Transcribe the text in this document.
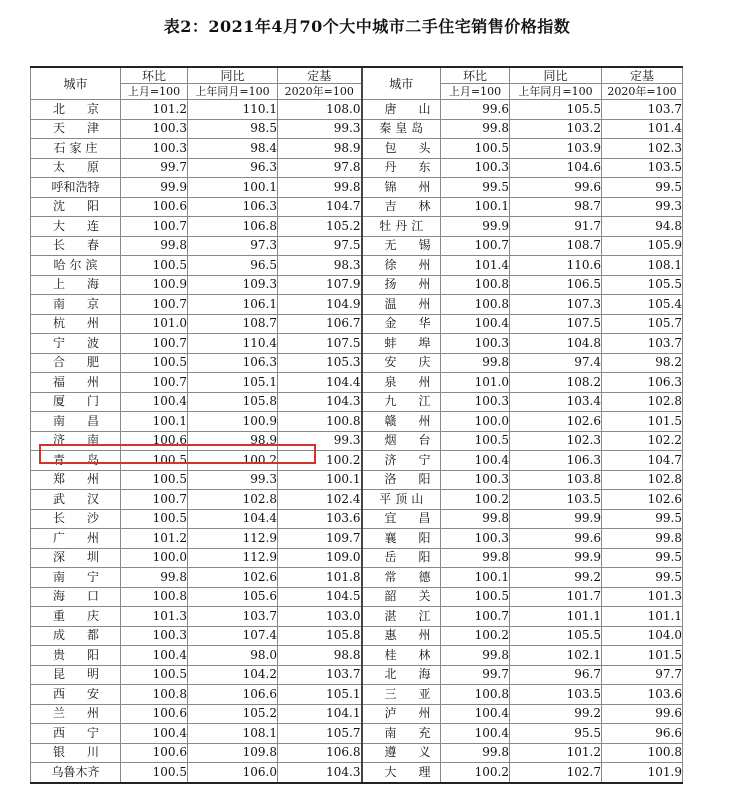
表2：2021年4月70个大中城市二手住宅销售价格指数
城市	环比	同比	定基	城市	环比	同比	定基
	上月=100	上年同月=100	2020年=100		上月=100	上年同月=100	2020年=100
北京	101.2	110.1	108.0	唐山	99.6	105.5	103.7
天津	100.3	98.5	99.3	秦皇岛	99.8	103.2	101.4
石家庄	100.3	98.4	98.9	包头	100.5	103.9	102.3
太原	99.7	96.3	97.8	丹东	100.3	104.6	103.5
呼和浩特	99.9	100.1	99.8	锦州	99.5	99.6	99.5
沈阳	100.6	106.3	104.7	吉林	100.1	98.7	99.3
大连	100.7	106.8	105.2	牡丹江	99.9	91.7	94.8
长春	99.8	97.3	97.5	无锡	100.7	108.7	105.9
哈尔滨	100.5	96.5	98.3	徐州	101.4	110.6	108.1
上海	100.9	109.3	107.9	扬州	100.8	106.5	105.5
南京	100.7	106.1	104.9	温州	100.8	107.3	105.4
杭州	101.0	108.7	106.7	金华	100.4	107.5	105.7
宁波	100.7	110.4	107.5	蚌埠	100.3	104.8	103.7
合肥	100.5	106.3	105.3	安庆	99.8	97.4	98.2
福州	100.7	105.1	104.4	泉州	101.0	108.2	106.3
厦门	100.4	105.8	104.3	九江	100.3	103.4	102.8
南昌	100.1	100.9	100.8	赣州	100.0	102.6	101.5
济南	100.6	98.9	99.3	烟台	100.5	102.3	102.2
青岛	100.5	100.2	100.2	济宁	100.4	106.3	104.7
郑州	100.5	99.3	100.1	洛阳	100.3	103.8	102.8
武汉	100.7	102.8	102.4	平顶山	100.2	103.5	102.6
长沙	100.5	104.4	103.6	宜昌	99.8	99.9	99.5
广州	101.2	112.9	109.7	襄阳	100.3	99.6	99.8
深圳	100.0	112.9	109.0	岳阳	99.8	99.9	99.5
南宁	99.8	102.6	101.8	常德	100.1	99.2	99.5
海口	100.8	105.6	104.5	韶关	100.5	101.7	101.3
重庆	101.3	103.7	103.0	湛江	100.7	101.1	101.1
成都	100.3	107.4	105.8	惠州	100.2	105.5	104.0
贵阳	100.4	98.0	98.8	桂林	99.8	102.1	101.5
昆明	100.5	104.2	103.7	北海	99.7	96.7	97.7
西安	100.8	106.6	105.1	三亚	100.8	103.5	103.6
兰州	100.6	105.2	104.1	泸州	100.4	99.2	99.6
西宁	100.4	108.1	105.7	南充	100.4	95.5	96.6
银川	100.6	109.8	106.8	遵义	99.8	101.2	100.8
乌鲁木齐	100.5	106.0	104.3	大理	100.2	102.7	101.9
